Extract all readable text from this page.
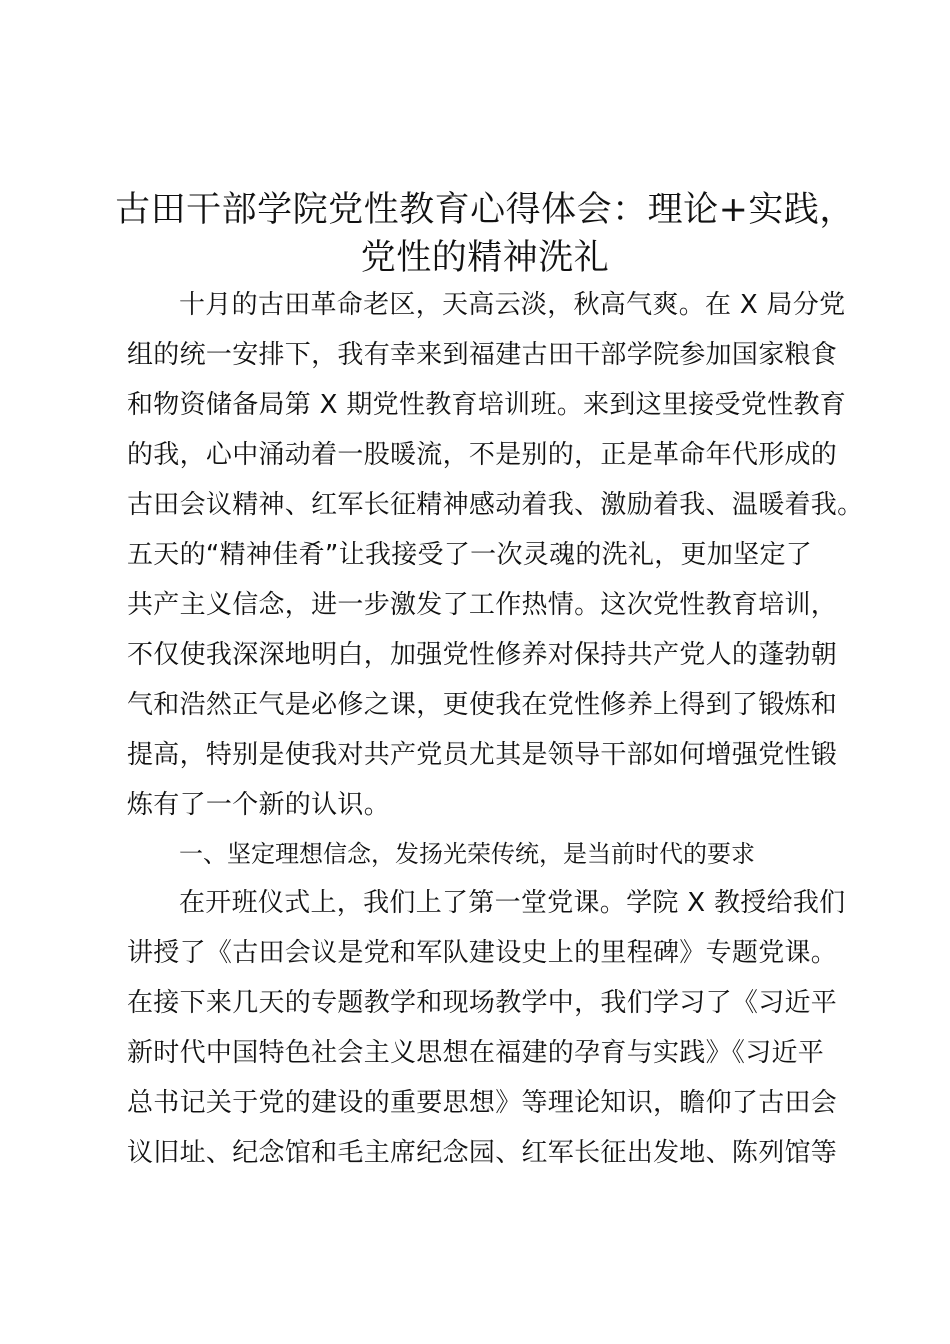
古田干部学院党性教育心得体会：理论+实践，
党性的精神洗礼
十月的古田革命老区，天高云淡，秋高气爽。在 X 局分党
组的统一安排下，我有幸来到福建古田干部学院参加国家粮食
和物资储备局第 X 期党性教育培训班。来到这里接受党性教育
的我，心中涌动着一股暖流，不是别的，正是革命年代形成的
古田会议精神、红军长征精神感动着我、激励着我、温暖着我。
五天的“精神佳肴”让我接受了一次灵魂的洗礼，更加坚定了
共产主义信念，进一步激发了工作热情。这次党性教育培训，
不仅使我深深地明白，加强党性修养对保持共产党人的蓬勃朝
气和浩然正气是必修之课，更使我在党性修养上得到了锻炼和
提高，特别是使我对共产党员尤其是领导干部如何增强党性锻
炼有了一个新的认识。
一、坚定理想信念，发扬光荣传统，是当前时代的要求
在开班仪式上，我们上了第一堂党课。学院 X 教授给我们
讲授了《古田会议是党和军队建设史上的里程碑》专题党课。
在接下来几天的专题教学和现场教学中，我们学习了《习近平
新时代中国特色社会主义思想在福建的孕育与实践》《习近平
总书记关于党的建设的重要思想》等理论知识，瞻仰了古田会
议旧址、纪念馆和毛主席纪念园、红军长征出发地、陈列馆等
